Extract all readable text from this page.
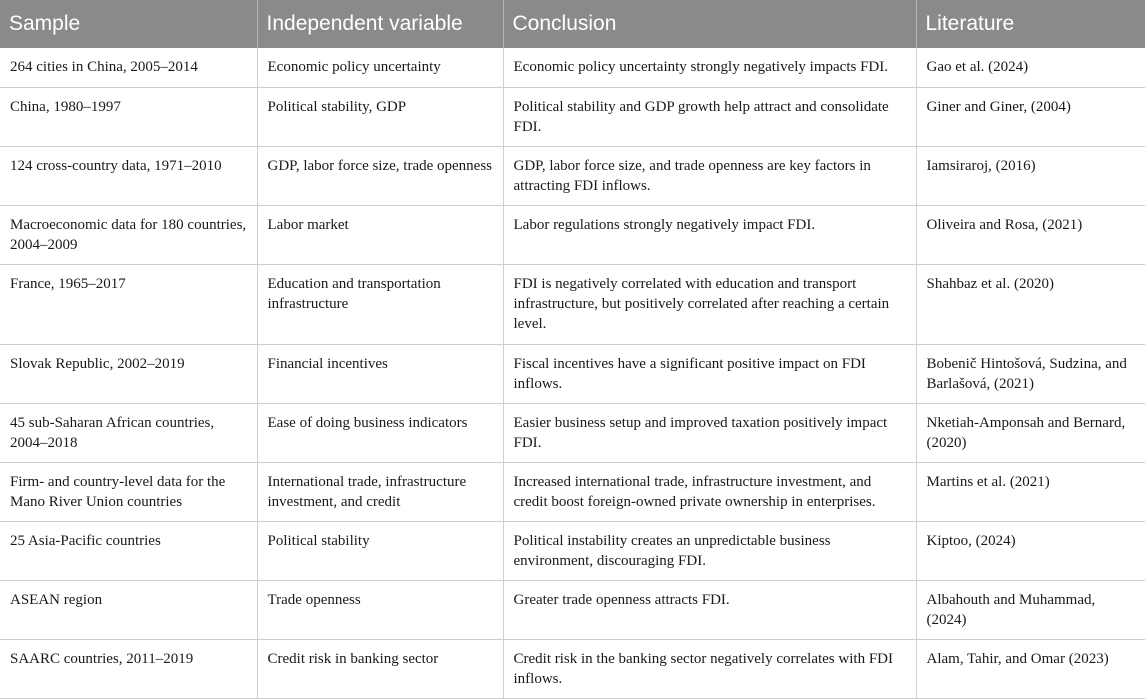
Sample	Independent variable	Conclusion	Literature
264 cities in China, 2005–2014	Economic policy uncertainty	Economic policy uncertainty strongly negatively impacts FDI.	Gao et al. (2024)
China, 1980–1997	Political stability, GDP	Political stability and GDP growth help attract and consolidate FDI.	Giner and Giner, (2004)
124 cross-country data, 1971–2010	GDP, labor force size, trade openness	GDP, labor force size, and trade openness are key factors in attracting FDI inflows.	Iamsiraroj, (2016)
Macroeconomic data for 180 countries, 2004–2009	Labor market	Labor regulations strongly negatively impact FDI.	Oliveira and Rosa, (2021)
France, 1965–2017	Education and transportation infrastructure	FDI is negatively correlated with education and transport infrastructure, but positively correlated after reaching a certain level.	Shahbaz et al. (2020)
Slovak Republic, 2002–2019	Financial incentives	Fiscal incentives have a significant positive impact on FDI inflows.	Bobenič Hintošová, Sudzina, and Barlašová, (2021)
45 sub-Saharan African countries, 2004–2018	Ease of doing business indicators	Easier business setup and improved taxation positively impact FDI.	Nketiah-Amponsah and Bernard, (2020)
Firm- and country-level data for the Mano River Union countries	International trade, infrastructure investment, and credit	Increased international trade, infrastructure investment, and credit boost foreign-owned private ownership in enterprises.	Martins et al. (2021)
25 Asia-Pacific countries	Political stability	Political instability creates an unpredictable business environment, discouraging FDI.	Kiptoo, (2024)
ASEAN region	Trade openness	Greater trade openness attracts FDI.	Albahouth and Muhammad, (2024)
SAARC countries, 2011–2019	Credit risk in banking sector	Credit risk in the banking sector negatively correlates with FDI inflows.	Alam, Tahir, and Omar (2023)
